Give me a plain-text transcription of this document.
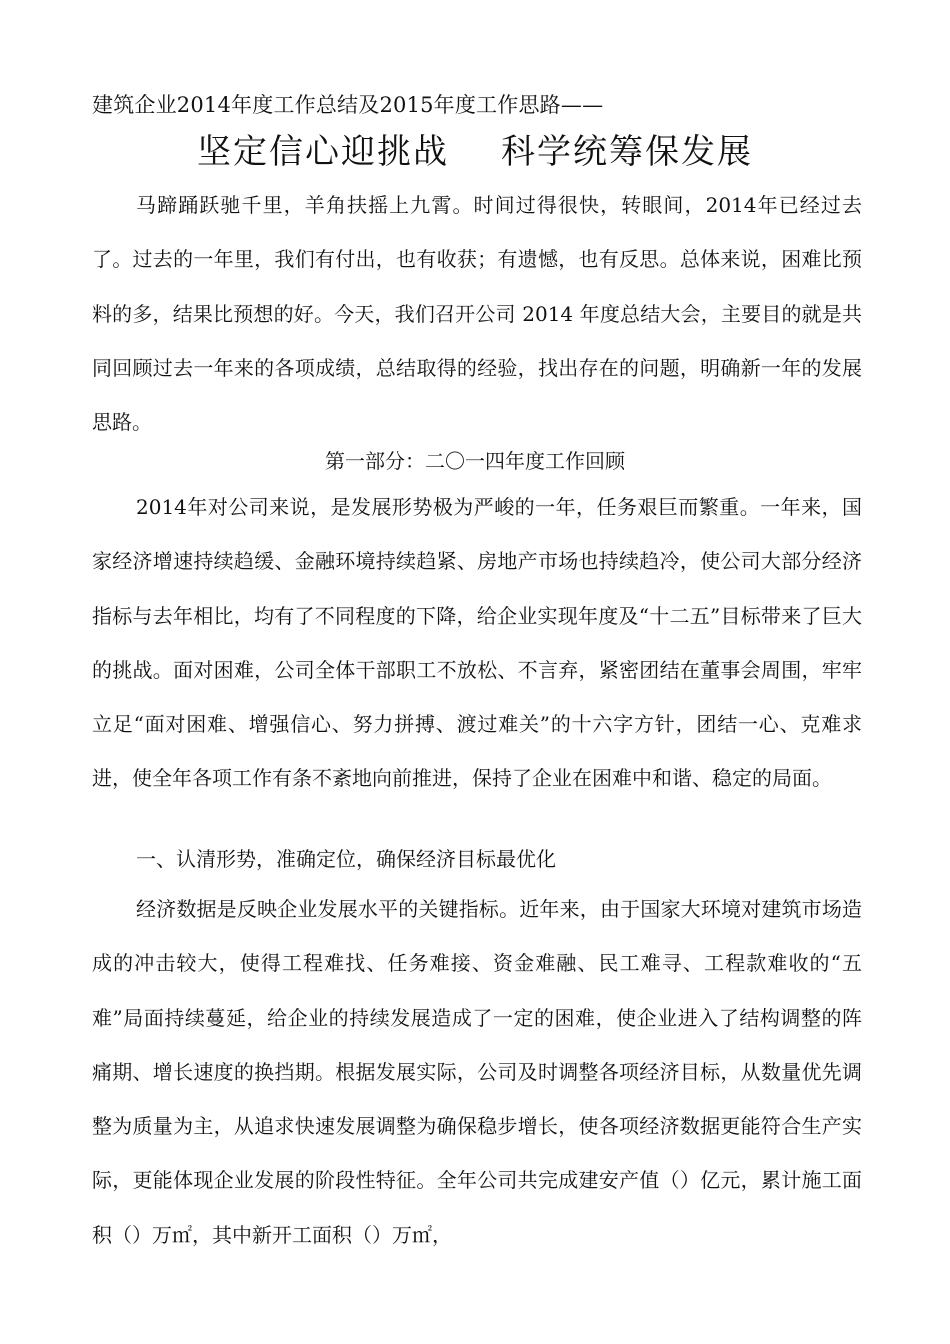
建筑企业2014年度工作总结及2015年度工作思路——
坚定信心迎挑战 科学统筹保发展

马蹄踊跃驰千里，羊角扶摇上九霄。时间过得很快，转眼间，2014年已经过去了。过去的一年里，我们有付出，也有收获；有遗憾，也有反思。总体来说，困难比预料的多，结果比预想的好。今天，我们召开公司 2014 年度总结大会，主要目的就是共同回顾过去一年来的各项成绩，总结取得的经验，找出存在的问题，明确新一年的发展思路。

第一部分：二〇一四年度工作回顾

2014年对公司来说，是发展形势极为严峻的一年，任务艰巨而繁重。一年来，国家经济增速持续趋缓、金融环境持续趋紧、房地产市场也持续趋冷，使公司大部分经济指标与去年相比，均有了不同程度的下降，给企业实现年度及“十二五”目标带来了巨大的挑战。面对困难，公司全体干部职工不放松、不言弃，紧密团结在董事会周围，牢牢立足“面对困难、增强信心、努力拼搏、渡过难关”的十六字方针，团结一心、克难求进，使全年各项工作有条不紊地向前推进，保持了企业在困难中和谐、稳定的局面。

一、认清形势，准确定位，确保经济目标最优化

经济数据是反映企业发展水平的关键指标。近年来，由于国家大环境对建筑市场造成的冲击较大，使得工程难找、任务难接、资金难融、民工难寻、工程款难收的“五难”局面持续蔓延，给企业的持续发展造成了一定的困难，使企业进入了结构调整的阵痛期、增长速度的换挡期。根据发展实际，公司及时调整各项经济目标，从数量优先调整为质量为主，从追求快速发展调整为确保稳步增长，使各项经济数据更能符合生产实际，更能体现企业发展的阶段性特征。全年公司共完成建安产值（）亿元，累计施工面积（）万㎡，其中新开工面积（）万㎡，
